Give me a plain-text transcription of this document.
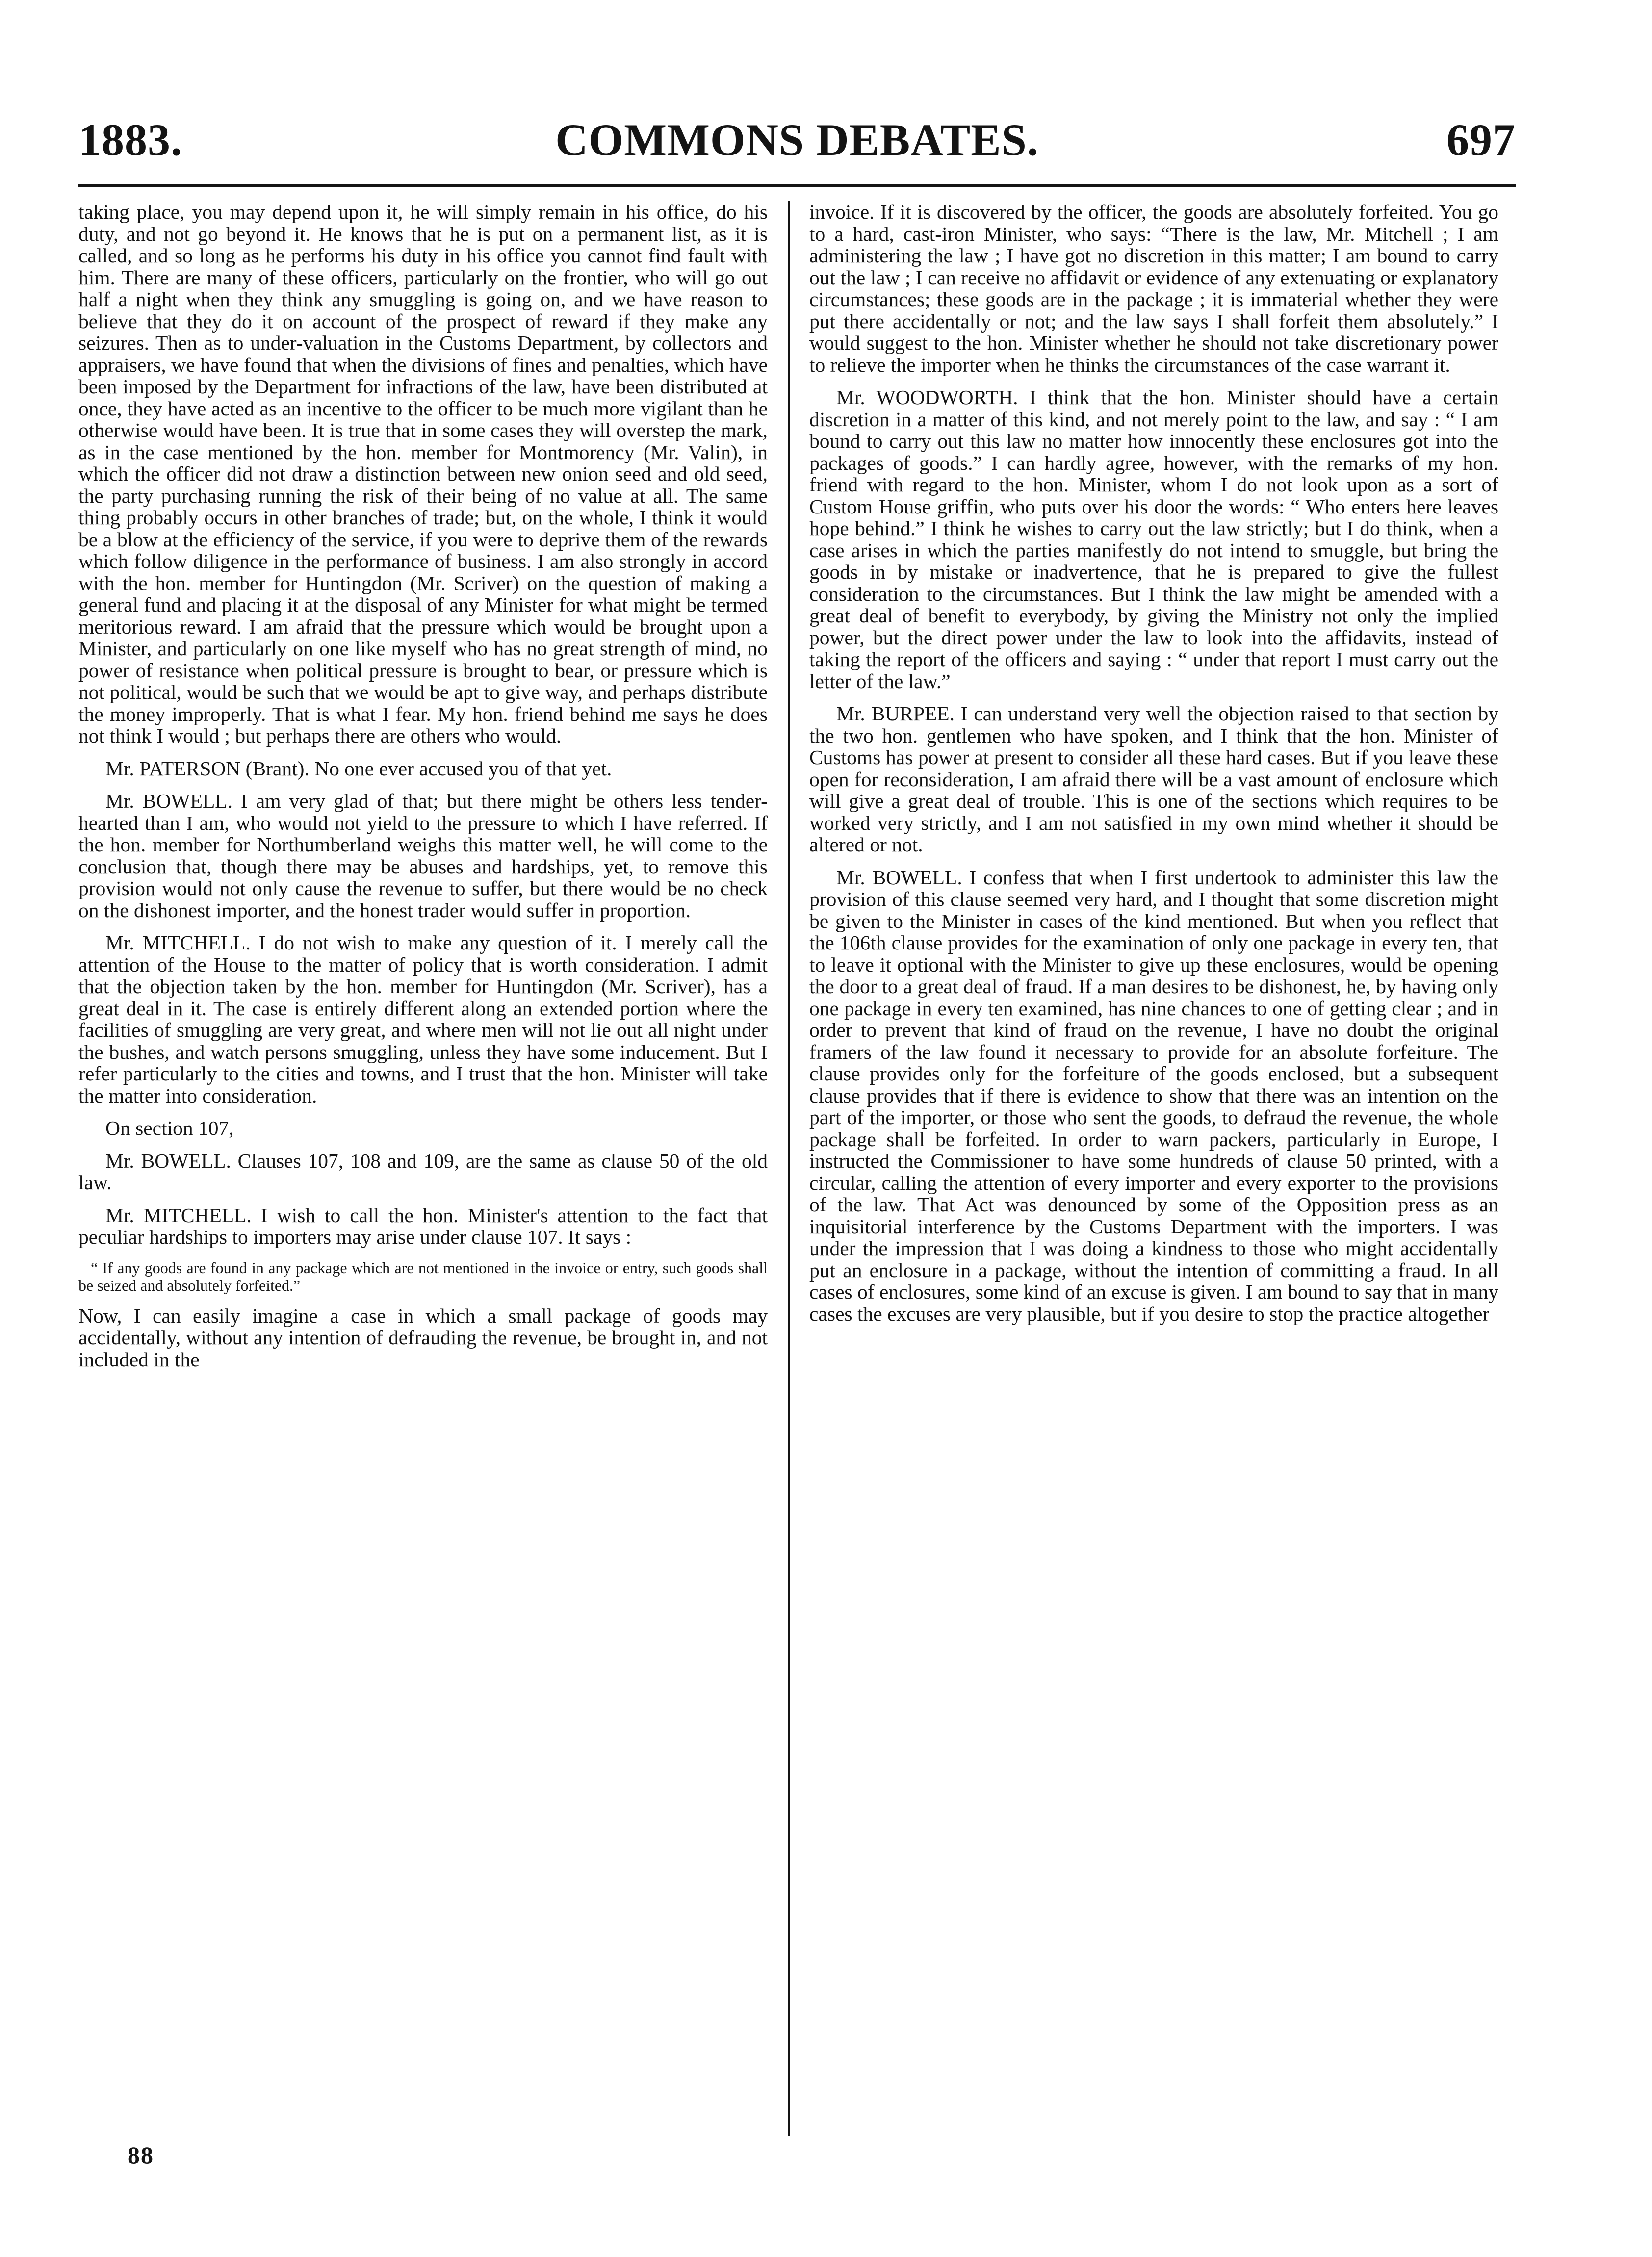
COMMONS DEBATES.
1883.	697

taking place, you may depend upon it, he will simply remain in his office, do his duty, and not go beyond it. He knows that he is put on a permanent list, as it is called, and so long as he performs his duty in his office you cannot find fault with him. There are many of these officers, particularly on the frontier, who will go out half a night when they think any smuggling is going on, and we have reason to believe that they do it on account of the prospect of reward if they make any seizures. Then as to under-valuation in the Customs Department, by collectors and appraisers, we have found that when the divisions of fines and penalties, which have been imposed by the Department for infractions of the law, have been distributed at once, they have acted as an incentive to the officer to be much more vigilant than he otherwise would have been. It is true that in some cases they will overstep the mark, as in the case mentioned by the hon. member for Montmorency (Mr. Valin), in which the officer did not draw a distinction between new onion seed and old seed, the party purchasing running the risk of their being of no value at all. The same thing probably occurs in other branches of trade; but, on the whole, I think it would be a blow at the efficiency of the service, if you were to deprive them of the rewards which follow diligence in the performance of business. I am also strongly in accord with the hon. member for Huntingdon (Mr. Scriver) on the question of making a general fund and placing it at the disposal of any Minister for what might be termed meritorious reward. I am afraid that the pressure which would be brought upon a Minister, and particularly on one like myself who has no great strength of mind, no power of resistance when political pressure is brought to bear, or pressure which is not political, would be such that we would be apt to give way, and perhaps distribute the money improperly. That is what I fear. My hon. friend behind me says he does not think I would ; but perhaps there are others who would.

Mr. PATERSON (Brant). No one ever accused you of that yet.

Mr. BOWELL. I am very glad of that; but there might be others less tender-hearted than I am, who would not yield to the pressure to which I have referred. If the hon. member for Northumberland weighs this matter well, he will come to the conclusion that, though there may be abuses and hardships, yet, to remove this provision would not only cause the revenue to suffer, but there would be no check on the dishonest importer, and the honest trader would suffer in proportion.

Mr. MITCHELL. I do not wish to make any question of it. I merely call the attention of the House to the matter of policy that is worth consideration. I admit that the objection taken by the hon. member for Huntingdon (Mr. Scriver), has a great deal in it. The case is entirely different along an extended portion where the facilities of smuggling are very great, and where men will not lie out all night under the bushes, and watch persons smuggling, unless they have some inducement. But I refer particularly to the cities and towns, and I trust that the hon. Minister will take the matter into consideration.

On section 107,

Mr. BOWELL. Clauses 107, 108 and 109, are the same as clause 50 of the old law.

Mr. MITCHELL. I wish to call the hon. Minister's attention to the fact that peculiar hardships to importers may arise under clause 107. It says :

“ If any goods are found in any package which are not mentioned in the invoice or entry, such goods shall be seized and absolutely forfeited.”

Now, I can easily imagine a case in which a small package of goods may accidentally, without any intention of defrauding the revenue, be brought in, and not included in the

invoice. If it is discovered by the officer, the goods are absolutely forfeited. You go to a hard, cast-iron Minister, who says: “There is the law, Mr. Mitchell ; I am administering the law ; I have got no discretion in this matter; I am bound to carry out the law ; I can receive no affidavit or evidence of any extenuating or explanatory circumstances; these goods are in the package ; it is immaterial whether they were put there accidentally or not; and the law says I shall forfeit them absolutely.” I would suggest to the hon. Minister whether he should not take discretionary power to relieve the importer when he thinks the circumstances of the case warrant it.

Mr. WOODWORTH. I think that the hon. Minister should have a certain discretion in a matter of this kind, and not merely point to the law, and say : “ I am bound to carry out this law no matter how innocently these enclosures got into the packages of goods.” I can hardly agree, however, with the remarks of my hon. friend with regard to the hon. Minister, whom I do not look upon as a sort of Custom House griffin, who puts over his door the words: “ Who enters here leaves hope behind.” I think he wishes to carry out the law strictly; but I do think, when a case arises in which the parties manifestly do not intend to smuggle, but bring the goods in by mistake or inadvertence, that he is prepared to give the fullest consideration to the circumstances. But I think the law might be amended with a great deal of benefit to everybody, by giving the Ministry not only the implied power, but the direct power under the law to look into the affidavits, instead of taking the report of the officers and saying : “ under that report I must carry out the letter of the law.”

Mr. BURPEE. I can understand very well the objection raised to that section by the two hon. gentlemen who have spoken, and I think that the hon. Minister of Customs has power at present to consider all these hard cases. But if you leave these open for reconsideration, I am afraid there will be a vast amount of enclosure which will give a great deal of trouble. This is one of the sections which requires to be worked very strictly, and I am not satisfied in my own mind whether it should be altered or not.

Mr. BOWELL. I confess that when I first undertook to administer this law the provision of this clause seemed very hard, and I thought that some discretion might be given to the Minister in cases of the kind mentioned. But when you reflect that the 106th clause provides for the examination of only one package in every ten, that to leave it optional with the Minister to give up these enclosures, would be opening the door to a great deal of fraud. If a man desires to be dishonest, he, by having only one package in every ten examined, has nine chances to one of getting clear ; and in order to prevent that kind of fraud on the revenue, I have no doubt the original framers of the law found it necessary to provide for an absolute forfeiture. The clause provides only for the forfeiture of the goods enclosed, but a subsequent clause provides that if there is evidence to show that there was an intention on the part of the importer, or those who sent the goods, to defraud the revenue, the whole package shall be forfeited. In order to warn packers, particularly in Europe, I instructed the Commissioner to have some hundreds of clause 50 printed, with a circular, calling the attention of every importer and every exporter to the provisions of the law. That Act was denounced by some of the Opposition press as an inquisitorial interference by the Customs Department with the importers. I was under the impression that I was doing a kindness to those who might accidentally put an enclosure in a package, without the intention of committing a fraud. In all cases of enclosures, some kind of an excuse is given. I am bound to say that in many cases the excuses are very plausible, but if you desire to stop the practice altogether

88
